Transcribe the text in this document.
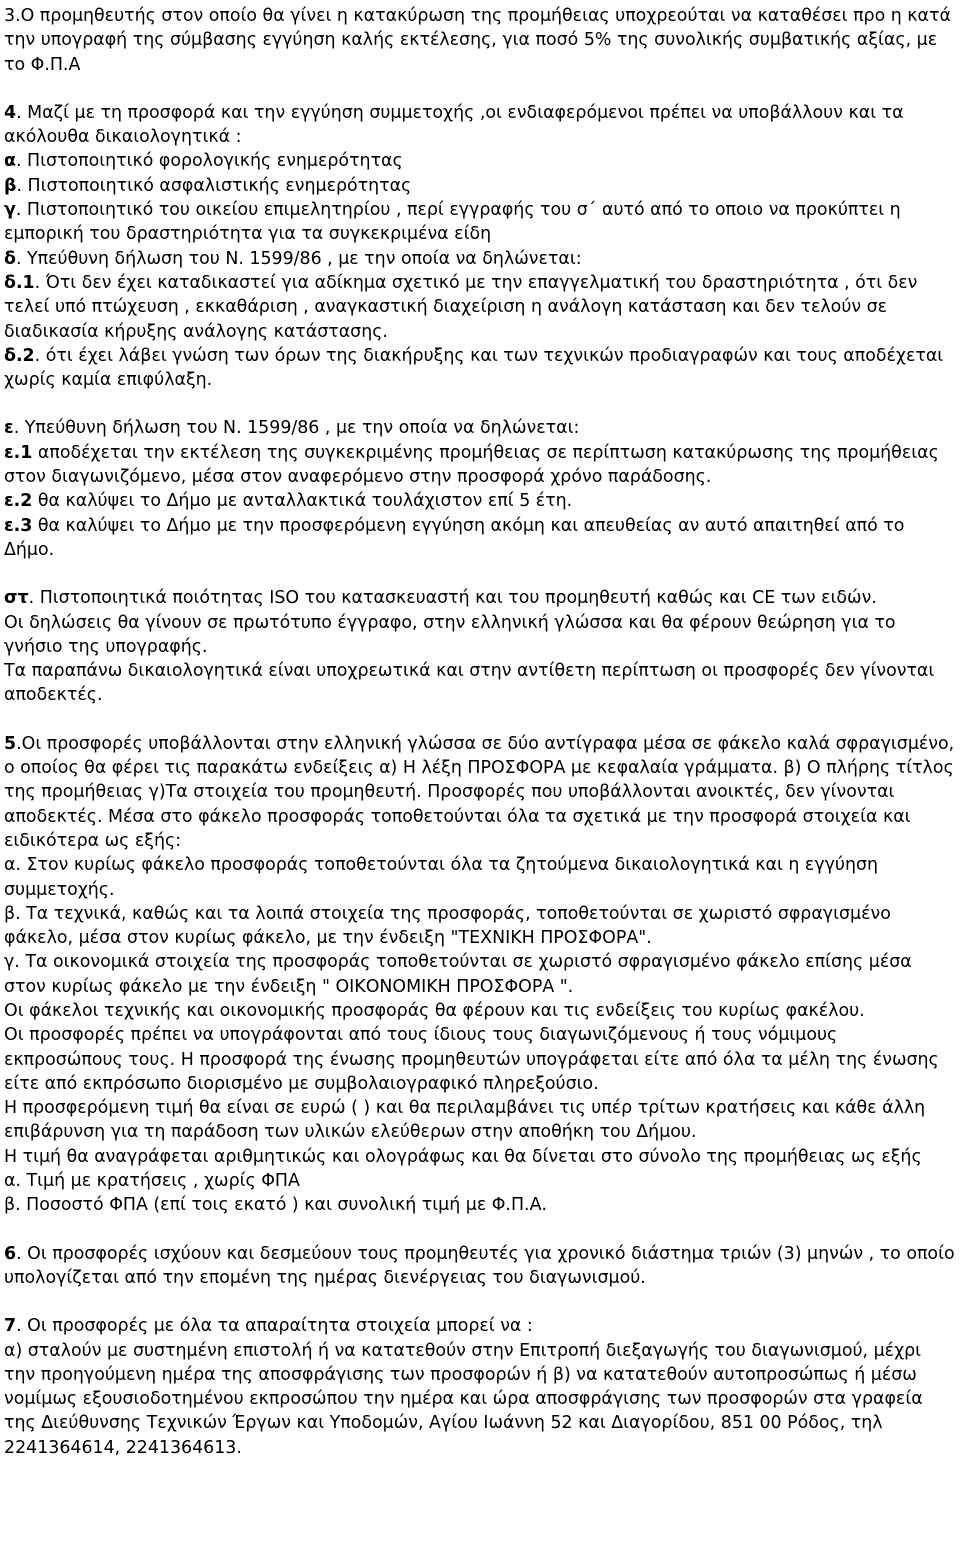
3.Ο προμηθευτής στον οποίο θα γίνει η κατακύρωση της προμήθειας υποχρεούται να καταθέσει προ η κατά την υπογραφή της σύμβασης εγγύηση καλής εκτέλεσης, για ποσό 5% της συνολικής συμβατικής αξίας, με το Φ.Π.Α

4. Μαζί με τη προσφορά και την εγγύηση συμμετοχής ,οι ενδιαφερόμενοι πρέπει να υποβάλλουν και τα ακόλουθα δικαιολογητικά :

α. Πιστοποιητικό φορολογικής ενημερότητας

β. Πιστοποιητικό ασφαλιστικής ενημερότητας

γ. Πιστοποιητικό του οικείου επιμελητηρίου , περί εγγραφής του σ΄ αυτό από το οποιο να προκύπτει η εμπορική του δραστηριότητα για τα συγκεκριμένα είδη

δ. Υπεύθυνη δήλωση του Ν. 1599/86 , με την οποία να δηλώνεται:

δ.1. Ότι δεν έχει καταδικαστεί για αδίκημα σχετικό με την επαγγελματική του δραστηριότητα , ότι δεν τελεί υπό πτώχευση , εκκαθάριση , αναγκαστική διαχείριση η ανάλογη κατάσταση και δεν τελούν σε διαδικασία κήρυξης ανάλογης κατάστασης.

δ.2. ότι έχει λάβει γνώση των όρων της διακήρυξης και των τεχνικών προδιαγραφών και τους αποδέχεται χωρίς καμία επιφύλαξη.

ε. Υπεύθυνη δήλωση του Ν. 1599/86 , με την οποία να δηλώνεται:

ε.1 αποδέχεται την εκτέλεση της συγκεκριμένης προμήθειας σε περίπτωση κατακύρωσης της προμήθειας στον διαγωνιζόμενο, μέσα στον αναφερόμενο στην προσφορά χρόνο παράδοσης.

ε.2 θα καλύψει το Δήμο με ανταλλακτικά τουλάχιστον επί 5 έτη.

ε.3 θα καλύψει το Δήμο με την προσφερόμενη εγγύηση ακόμη και απευθείας αν αυτό απαιτηθεί από το Δήμο.

στ. Πιστοποιητικά ποιότητας ISO του κατασκευαστή και του προμηθευτή καθώς και CE των ειδών.

Οι δηλώσεις θα γίνουν σε πρωτότυπο έγγραφο, στην ελληνική γλώσσα και θα φέρουν θεώρηση για το γνήσιο της υπογραφής.

Τα παραπάνω δικαιολογητικά είναι υποχρεωτικά και στην αντίθετη περίπτωση οι προσφορές δεν γίνονται αποδεκτές.

5.Οι προσφορές υποβάλλονται στην ελληνική γλώσσα σε δύο αντίγραφα μέσα σε φάκελο καλά σφραγισμένο, ο οποίος θα φέρει τις παρακάτω ενδείξεις α) Η λέξη ΠΡΟΣΦΟΡΑ με κεφαλαία γράμματα. β) Ο πλήρης τίτλος της προμήθειας γ)Τα στοιχεία του προμηθευτή. Προσφορές που υποβάλλονται ανοικτές, δεν γίνονται αποδεκτές. Μέσα στο φάκελο προσφοράς τοποθετούνται όλα τα σχετικά με την προσφορά στοιχεία και ειδικότερα ως εξής:

α. Στον κυρίως φάκελο προσφοράς τοποθετούνται όλα τα ζητούμενα δικαιολογητικά και η εγγύηση συμμετοχής.

β. Τα τεχνικά, καθώς και τα λοιπά στοιχεία της προσφοράς, τοποθετούνται σε χωριστό σφραγισμένο φάκελο, μέσα στον κυρίως φάκελο, με την ένδειξη "ΤΕΧΝΙΚΗ ΠΡΟΣΦΟΡΑ".

γ. Τα οικονομικά στοιχεία της προσφοράς τοποθετούνται σε χωριστό σφραγισμένο φάκελο επίσης μέσα στον κυρίως φάκελο με την ένδειξη " ΟΙΚΟΝΟΜΙΚΗ ΠΡΟΣΦΟΡΑ ".

Οι φάκελοι τεχνικής και οικονομικής προσφοράς θα φέρουν και τις ενδείξεις του κυρίως φακέλου.

Οι προσφορές πρέπει να υπογράφονται από τους ίδιους τους διαγωνιζόμενους ή τους νόμιμους εκπροσώπους τους. Η προσφορά της ένωσης προμηθευτών υπογράφεται είτε από όλα τα μέλη της ένωσης είτε από εκπρόσωπο διορισμένο με συμβολαιογραφικό πληρεξούσιο.

Η προσφερόμενη τιμή θα είναι σε ευρώ ( ) και θα περιλαμβάνει τις υπέρ τρίτων κρατήσεις και κάθε άλλη επιβάρυνση για τη παράδοση των υλικών ελεύθερων στην αποθήκη του Δήμου.

Η τιμή θα αναγράφεται αριθμητικώς και ολογράφως και θα δίνεται στο σύνολο της προμήθειας ως εξής

α. Τιμή με κρατήσεις , χωρίς ΦΠΑ

β. Ποσοστό ΦΠΑ (επί τοις εκατό ) και συνολική τιμή με Φ.Π.Α.

6. Οι προσφορές ισχύουν και δεσμεύουν τους προμηθευτές για χρονικό διάστημα τριών (3) μηνών , το οποίο υπολογίζεται από την επομένη της ημέρας διενέργειας του διαγωνισμού.

7. Οι προσφορές με όλα τα απαραίτητα στοιχεία μπορεί να :

α) σταλούν με συστημένη επιστολή ή να κατατεθούν στην Επιτροπή διεξαγωγής του διαγωνισμού, μέχρι την προηγούμενη ημέρα της αποσφράγισης των προσφορών ή β) να κατατεθούν αυτοπροσώπως ή μέσω νομίμως εξουσιοδοτημένου εκπροσώπου την ημέρα και ώρα αποσφράγισης των προσφορών στα γραφεία της Διεύθυνσης Τεχνικών Έργων και Υποδομών, Αγίου Ιωάννη 52 και Διαγορίδου, 851 00 Ρόδος, τηλ 2241364614, 2241364613.
